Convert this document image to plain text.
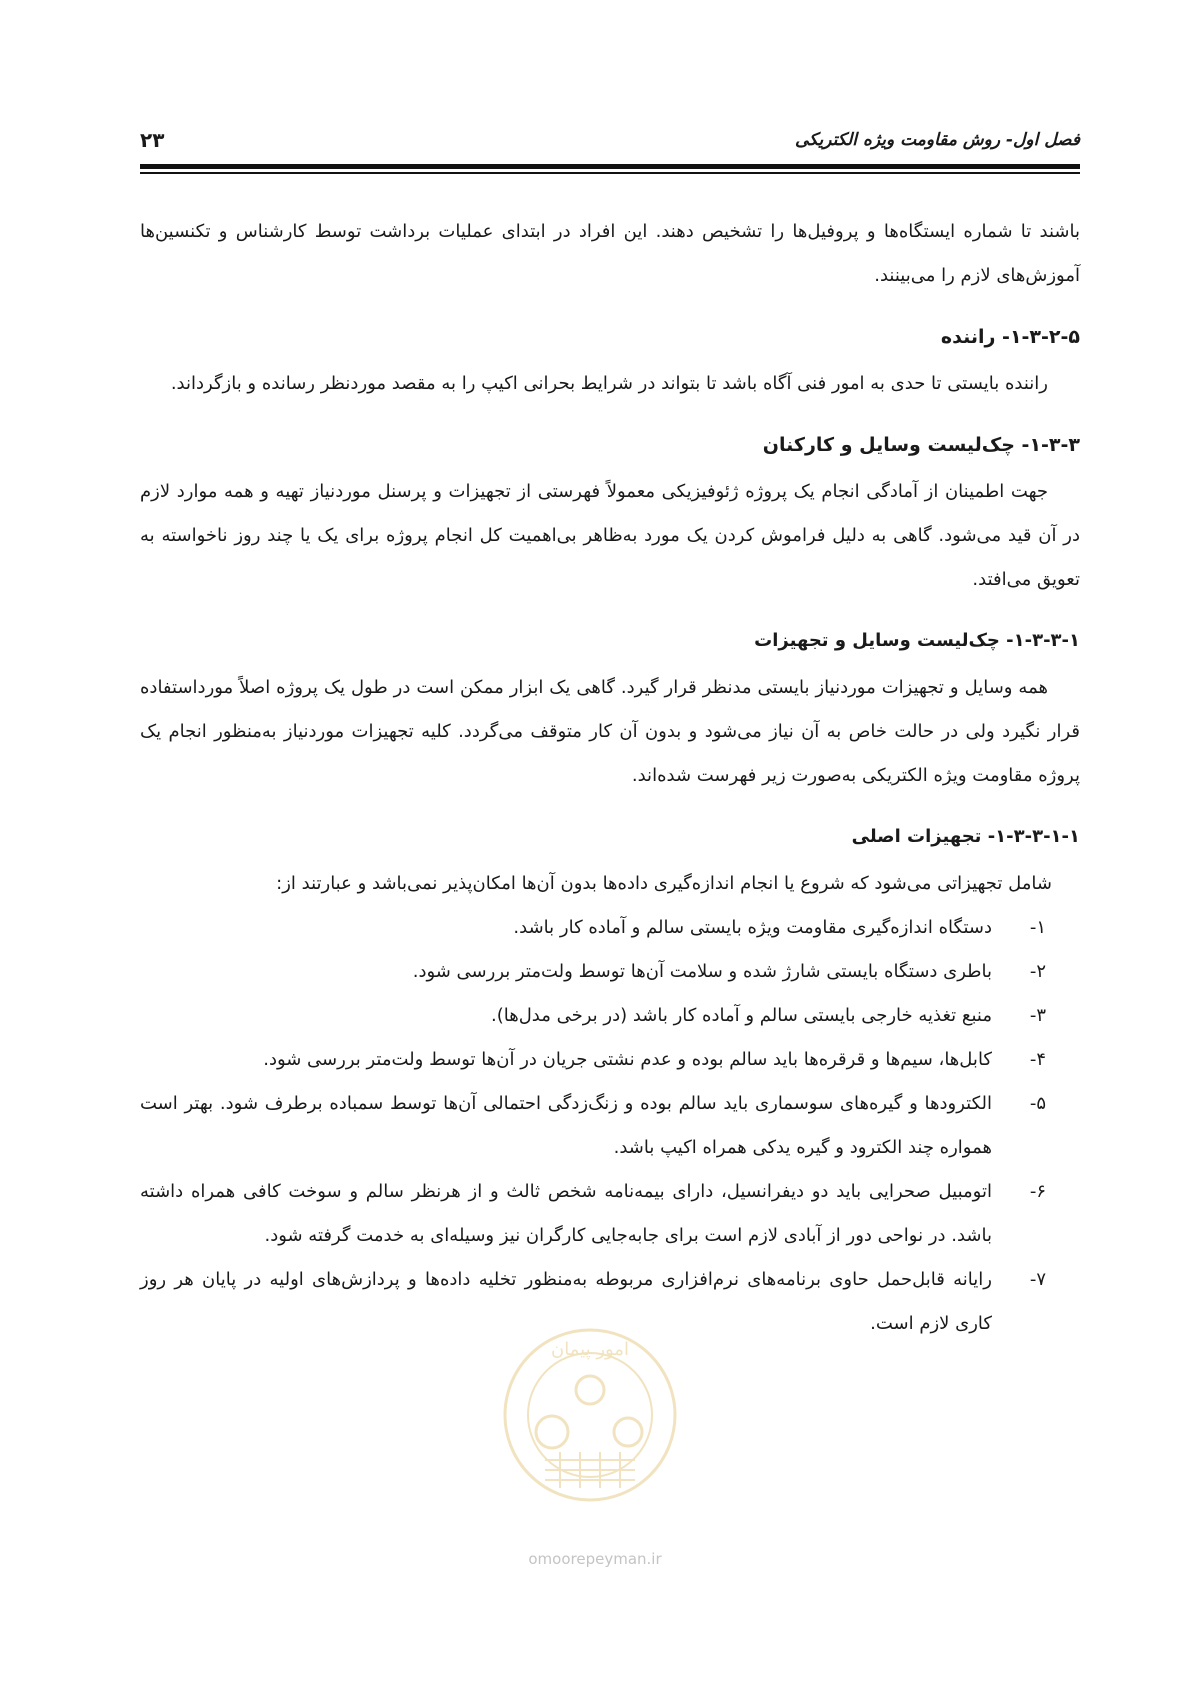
فصل اول- روش مقاومت ویژه الکتریکی
۲۳

باشند تا شماره ایستگاه‌ها و پروفیل‌ها را تشخیص دهند. این افراد در ابتدای عملیات برداشت توسط کارشناس و تکنسین‌ها آموزش‌های لازم را می‌بینند.

۱-۳-۲-۵- راننده

راننده بایستی تا حدی به امور فنی آگاه باشد تا بتواند در شرایط بحرانی اکیپ را به مقصد موردنظر رسانده و بازگرداند.

۱-۳-۳- چک‌لیست وسایل و کارکنان

جهت اطمینان از آمادگی انجام یک پروژه ژئوفیزیکی معمولاً فهرستی از تجهیزات و پرسنل موردنیاز تهیه و همه موارد لازم در آن قید می‌شود. گاهی به دلیل فراموش کردن یک مورد به‌ظاهر بی‌اهمیت کل انجام پروژه برای یک یا چند روز ناخواسته به تعویق می‌افتد.

۱-۳-۳-۱- چک‌لیست وسایل و تجهیزات

همه وسایل و تجهیزات موردنیاز بایستی مدنظر قرار گیرد. گاهی یک ابزار ممکن است در طول یک پروژه اصلاً مورداستفاده قرار نگیرد ولی در حالت خاص به آن نیاز می‌شود و بدون آن کار متوقف می‌گردد. کلیه تجهیزات موردنیاز به‌منظور انجام یک پروژه مقاومت ویژه الکتریکی به‌صورت زیر فهرست شده‌اند.

۱-۳-۳-۱-۱- تجهیزات اصلی

شامل تجهیزاتی می‌شود که شروع یا انجام اندازه‌گیری داده‌ها بدون آن‌ها امکان‌پذیر نمی‌باشد و عبارتند از:

۱-
دستگاه اندازه‌گیری مقاومت ویژه بایستی سالم و آماده کار باشد.
۲-
باطری دستگاه بایستی شارژ شده و سلامت آن‌ها توسط ولت‌متر بررسی شود.
۳-
منبع تغذیه خارجی بایستی سالم و آماده کار باشد (در برخی مدل‌ها).
۴-
کابل‌ها، سیم‌ها و قرقره‌ها باید سالم بوده و عدم نشتی جریان در آن‌ها توسط ولت‌متر بررسی شود.
۵-
الکترودها و گیره‌های سوسماری باید سالم بوده و زنگ‌زدگی احتمالی آن‌ها توسط سمباده برطرف شود. بهتر است همواره چند الکترود و گیره یدکی همراه اکیپ باشد.
۶-
اتومبیل صحرایی باید دو دیفرانسیل، دارای بیمه‌نامه شخص ثالث و از هرنظر سالم و سوخت کافی همراه داشته باشد. در نواحی دور از آبادی لازم است برای جابه‌جایی کارگران نیز وسیله‌ای به خدمت گرفته شود.
۷-
رایانه قابل‌حمل حاوی برنامه‌های نرم‌افزاری مربوطه به‌منظور تخلیه داده‌ها و پردازش‌های اولیه در پایان هر روز کاری لازم است.
امور پیمان
omoorepeyman.ir
